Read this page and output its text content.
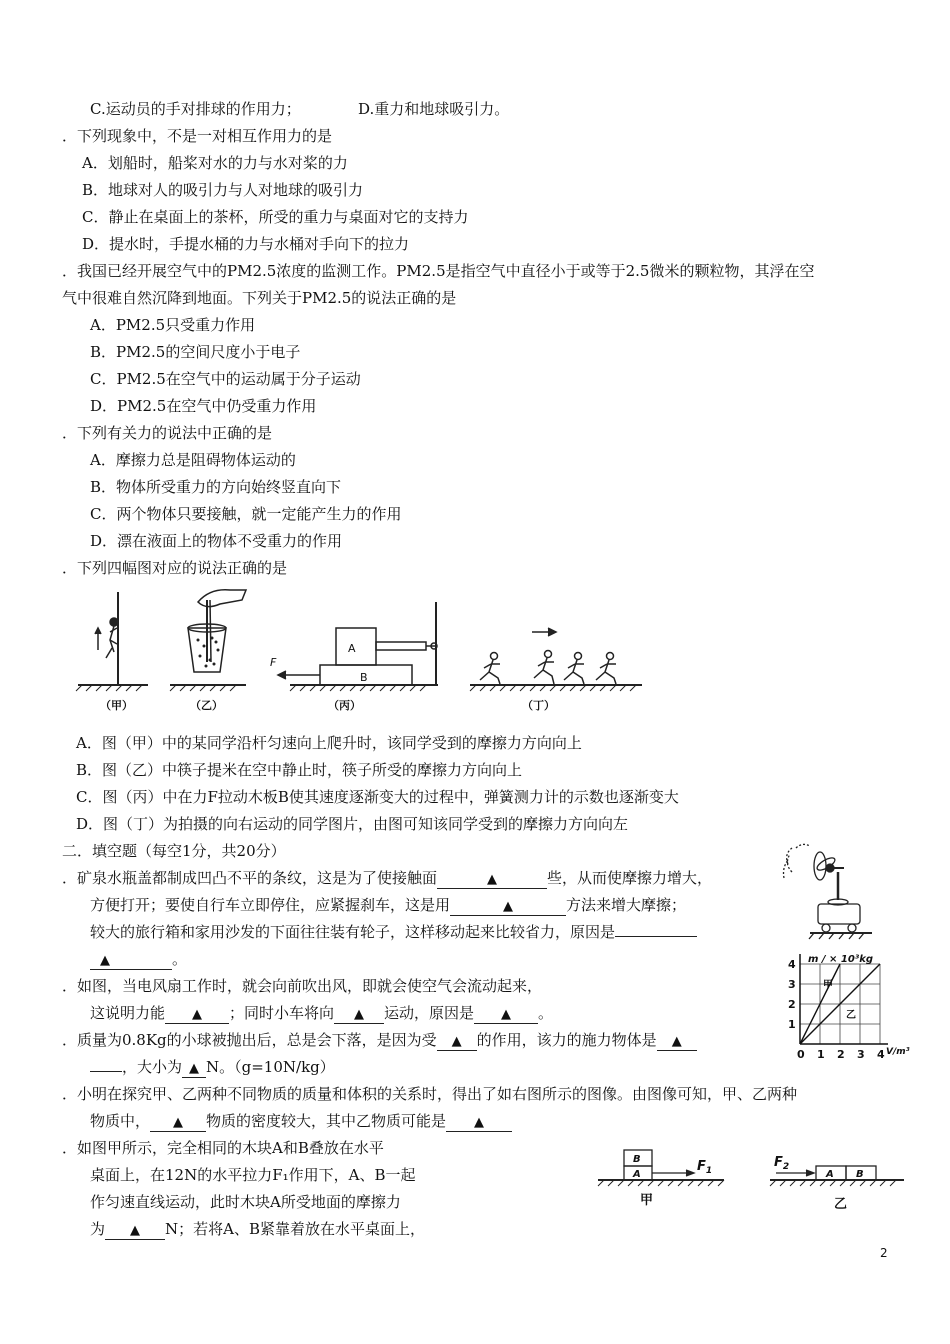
C.运动员的手对排球的作用力；	D.重力和地球吸引力。
．下列现象中，不是一对相互作用力的是
A．划船时，船桨对水的力与水对桨的力
B．地球对人的吸引力与人对地球的吸引力
C．静止在桌面上的茶杯，所受的重力与桌面对它的支持力
D．提水时，手提水桶的力与水桶对手向下的拉力
．我国已经开展空气中的PM2.5浓度的监测工作。PM2.5是指空气中直径小于或等于2.5微米的颗粒物，其浮在空
气中很难自然沉降到地面。下列关于PM2.5的说法正确的是
A．PM2.5只受重力作用
B．PM2.5的空间尺度小于电子
C．PM2.5在空气中的运动属于分子运动
D．PM2.5在空气中仍受重力作用
．下列有关力的说法中正确的是
A．摩擦力总是阻碍物体运动的
B．物体所受重力的方向始终竖直向下
C．两个物体只要接触，就一定能产生力的作用
D．漂在液面上的物体不受重力的作用
．下列四幅图对应的说法正确的是
A
B
F
（甲）	（乙）	（丙）	（丁）
A．图（甲）中的某同学沿杆匀速向上爬升时，该同学受到的摩擦力方向向上
B．图（乙）中筷子提米在空中静止时，筷子所受的摩擦力方向向上
C．图（丙）中在力F拉动木板B使其速度逐渐变大的过程中，弹簧测力计的示数也逐渐变大
D．图（丁）为拍摄的向右运动的同学图片，由图可知该同学受到的摩擦力方向向左
二．填空题（每空1分，共20分）
．矿泉水瓶盖都制成凹凸不平的条纹，这是为了使接触面	▲	些，从而使摩擦力增大，
方便打开；要使自行车立即停住，应紧握刹车，这是用	▲	方法来增大摩擦；
较大的旅行箱和家用沙发的下面往往装有轮子，这样移动起来比较省力，原因是
▲	。
1
2
3
4
0 1 2 3 4
m / × 10³kg
V/m³
甲
乙
．如图，当电风扇工作时，就会向前吹出风，即就会使空气会流动起来，
这说明力能 ▲ ；同时小车将向 ▲ 运动，原因是 ▲ 。
．质量为0.8Kg的小球被抛出后，总是会下落，是因为受 ▲ 的作用，该力的施力物体是 ▲
，大小为 ▲ N。（g=10N/kg）
．小明在探究甲、乙两种不同物质的质量和体积的关系时，得出了如右图所示的图像。由图像可知，甲、乙两种
物质中， ▲ 物质的密度较大，其中乙物质可能是 ▲
．如图甲所示，完全相同的木块A和B叠放在水平
桌面上，在12N的水平拉力F₁作用下，A、B一起
作匀速直线运动，此时木块A所受地面的摩擦力
为 ▲ N；若将A、B紧靠着放在水平桌面上，
B
A
$F_1$
$F_2$
A B
甲	乙
2
